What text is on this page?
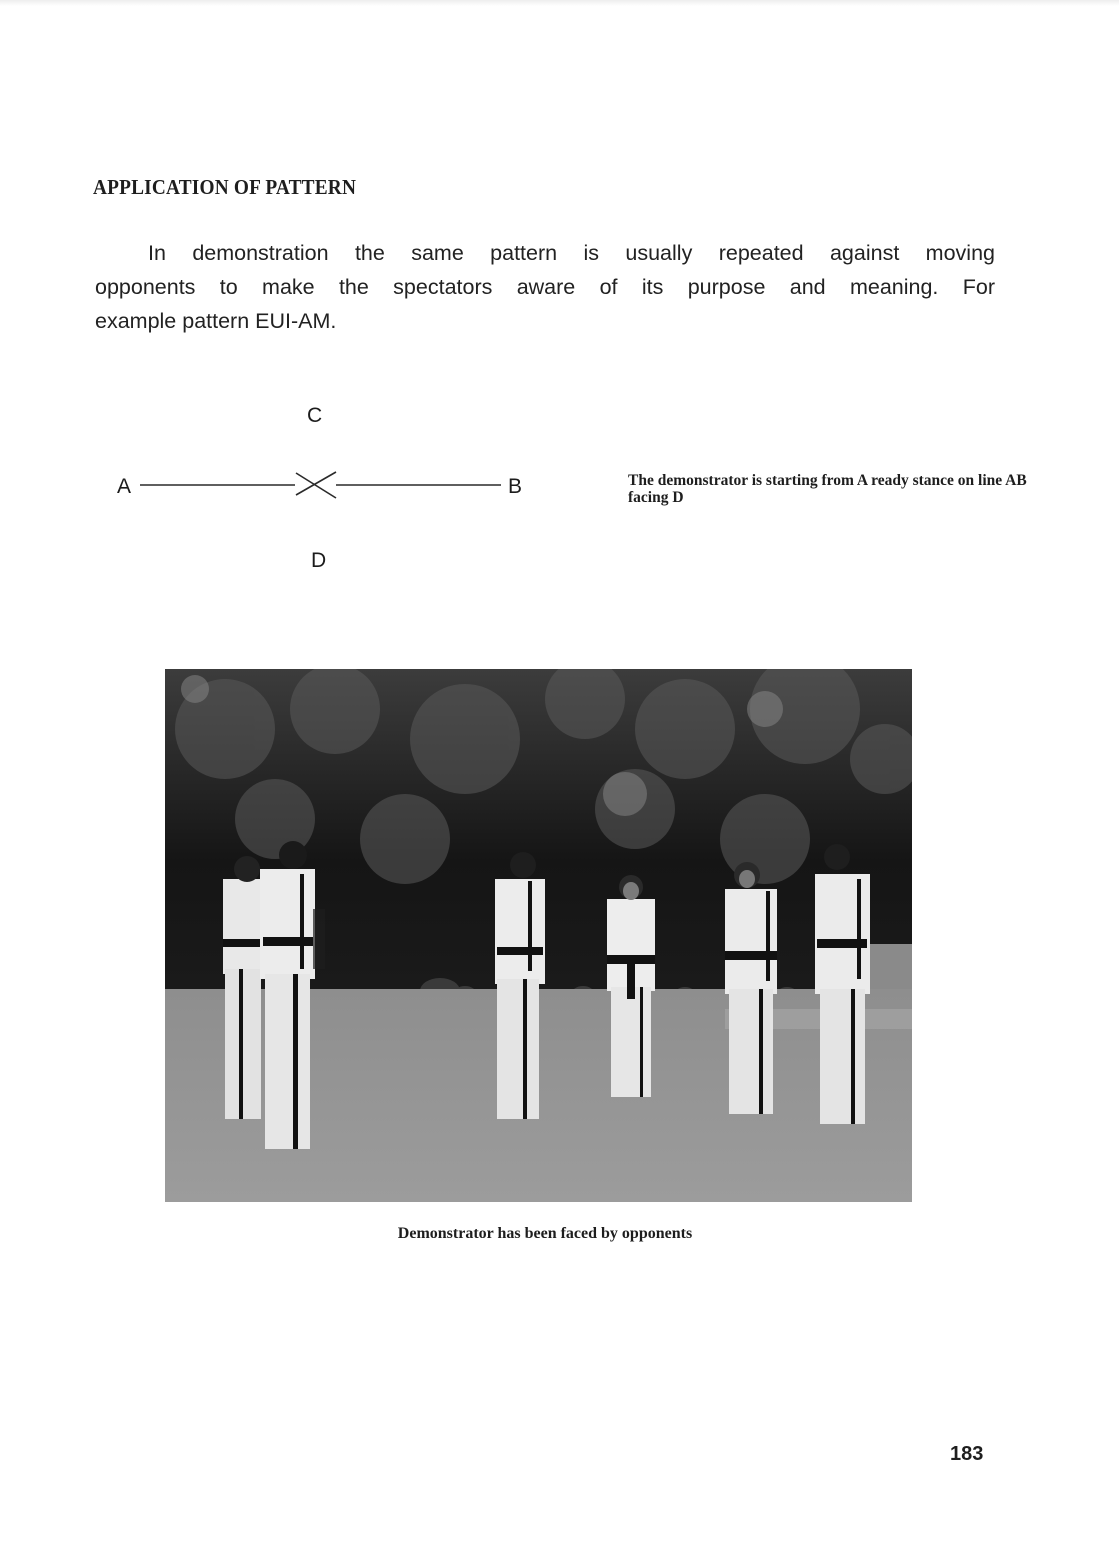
APPLICATION OF PATTERN
In demonstration the same pattern is usually repeated against moving
opponents to make the spectators aware of its purpose and meaning. For
example pattern EUI-AM.
A	B
C
D
The demonstrator is starting from A ready stance on line AB facing D
Demonstrator has been faced by opponents
183
